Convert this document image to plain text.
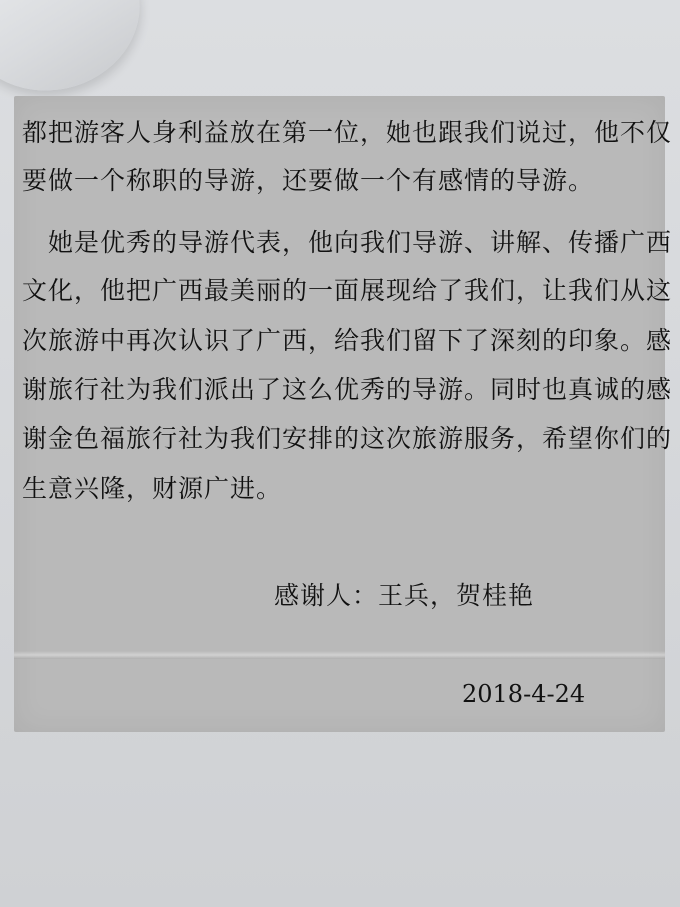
都把游客人身利益放在第一位，她也跟我们说过，他不仅
要做一个称职的导游，还要做一个有感情的导游。
她是优秀的导游代表，他向我们导游、讲解、传播广西
文化，他把广西最美丽的一面展现给了我们，让我们从这
次旅游中再次认识了广西，给我们留下了深刻的印象。感
谢旅行社为我们派出了这么优秀的导游。同时也真诚的感
谢金色福旅行社为我们安排的这次旅游服务，希望你们的
生意兴隆，财源广进。
感谢人：王兵，贺桂艳
2018-4-24
